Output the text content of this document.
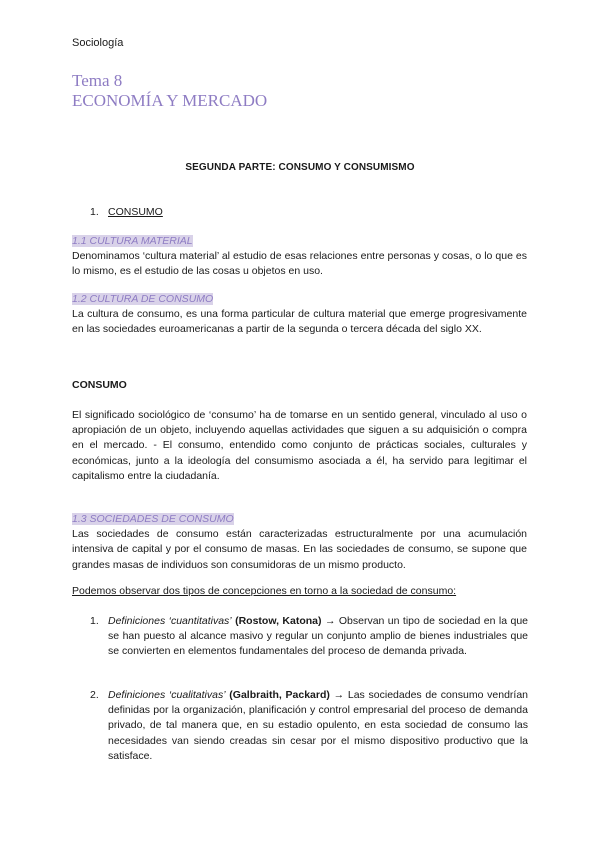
Sociología
Tema 8
ECONOMÍA Y MERCADO
SEGUNDA PARTE: CONSUMO Y CONSUMISMO
1. CONSUMO
1.1 CULTURA MATERIAL
Denominamos ‘cultura material’ al estudio de esas relaciones entre personas y cosas, o lo que es lo mismo, es el estudio de las cosas u objetos en uso.
1.2 CULTURA DE CONSUMO
La cultura de consumo, es una forma particular de cultura material que emerge progresivamente en las sociedades euroamericanas a partir de la segunda o tercera década del siglo XX.
CONSUMO
El significado sociológico de ‘consumo’ ha de tomarse en un sentido general, vinculado al uso o apropiación de un objeto, incluyendo aquellas actividades que siguen a su adquisición o compra en el mercado. - El consumo, entendido como conjunto de prácticas sociales, culturales y económicas, junto a la ideología del consumismo asociada a él, ha servido para legitimar el capitalismo entre la ciudadanía.
1.3 SOCIEDADES DE CONSUMO
Las sociedades de consumo están caracterizadas estructuralmente por una acumulación intensiva de capital y por el consumo de masas. En las sociedades de consumo, se supone que grandes masas de individuos son consumidoras de un mismo producto.
Podemos observar dos tipos de concepciones en torno a la sociedad de consumo:
1. Definiciones ‘cuantitativas’ (Rostow, Katona) → Observan un tipo de sociedad en la que se han puesto al alcance masivo y regular un conjunto amplio de bienes industriales que se convierten en elementos fundamentales del proceso de demanda privada.
2. Definiciones ‘cualitativas’ (Galbraith, Packard) → Las sociedades de consumo vendrían definidas por la organización, planificación y control empresarial del proceso de demanda privado, de tal manera que, en su estadio opulento, en esta sociedad de consumo las necesidades van siendo creadas sin cesar por el mismo dispositivo productivo que la satisface.
